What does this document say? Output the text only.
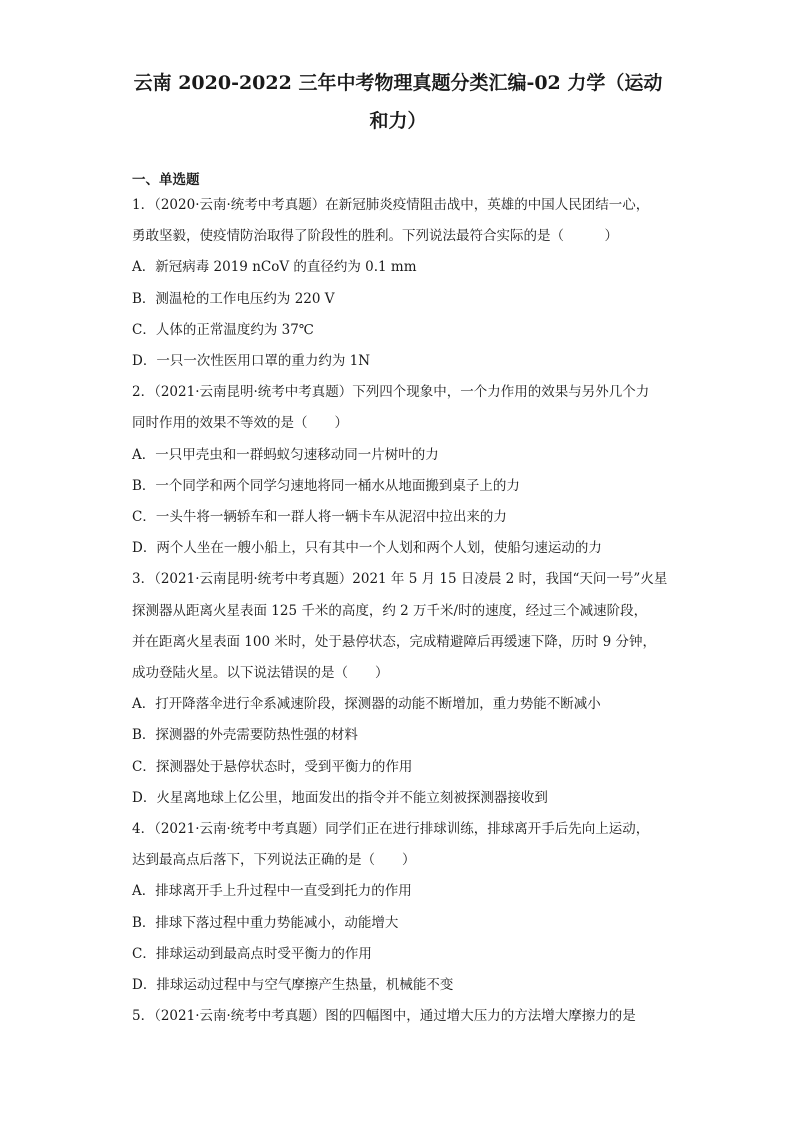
云南 2020-2022 三年中考物理真题分类汇编-02 力学（运动
和力）
一、单选题
1．（2020·云南·统考中考真题）在新冠肺炎疫情阻击战中，英雄的中国人民团结一心，
勇敢坚毅，使疫情防治取得了阶段性的胜利。下列说法最符合实际的是（　　　）
A．新冠病毒 2019 nCoV 的直径约为 0.1 mm
B．测温枪的工作电压约为 220 V
C．人体的正常温度约为 37℃
D．一只一次性医用口罩的重力约为 1N
2．（2021·云南昆明·统考中考真题）下列四个现象中，一个力作用的效果与另外几个力
同时作用的效果不等效的是（　　）
A．一只甲壳虫和一群蚂蚁匀速移动同一片树叶的力
B．一个同学和两个同学匀速地将同一桶水从地面搬到桌子上的力
C．一头牛将一辆轿车和一群人将一辆卡车从泥沼中拉出来的力
D．两个人坐在一艘小船上，只有其中一个人划和两个人划，使船匀速运动的力
3．（2021·云南昆明·统考中考真题）2021 年 5 月 15 日凌晨 2 时，我国“天问一号”火星
探测器从距离火星表面 125 千米的高度，约 2 万千米/时的速度，经过三个减速阶段，
并在距离火星表面 100 米时，处于悬停状态，完成精避障后再缓速下降，历时 9 分钟，
成功登陆火星。以下说法错误的是（　　）
A．打开降落伞进行伞系减速阶段，探测器的动能不断增加，重力势能不断减小
B．探测器的外壳需要防热性强的材料
C．探测器处于悬停状态时，受到平衡力的作用
D．火星离地球上亿公里，地面发出的指令并不能立刻被探测器接收到
4．（2021·云南·统考中考真题）同学们正在进行排球训练，排球离开手后先向上运动，
达到最高点后落下，下列说法正确的是（　　）
A．排球离开手上升过程中一直受到托力的作用
B．排球下落过程中重力势能减小，动能增大
C．排球运动到最高点时受平衡力的作用
D．排球运动过程中与空气摩擦产生热量，机械能不变
5．（2021·云南·统考中考真题）图的四幅图中，通过增大压力的方法增大摩擦力的是
